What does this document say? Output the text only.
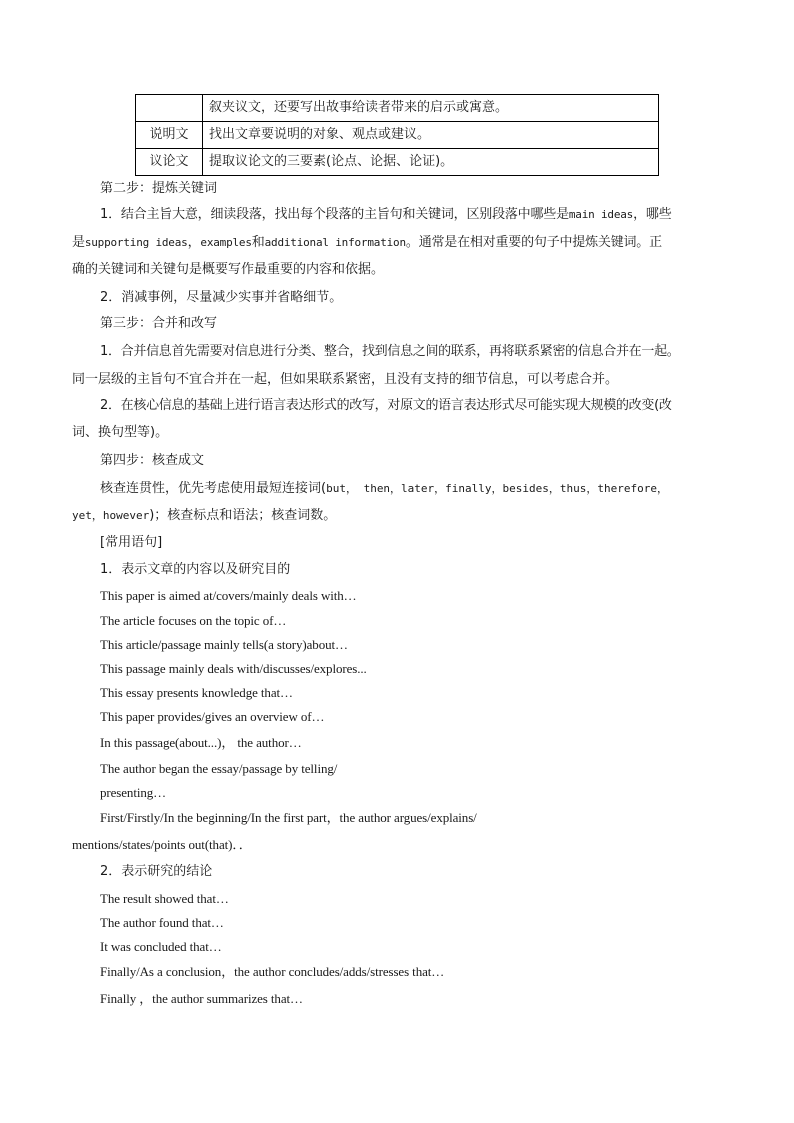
	叙夹议文，还要写出故事给读者带来的启示或寓意。
说明文	找出文章要说明的对象、观点或建议。
议论文	提取议论文的三要素(论点、论据、论证)。
第二步：提炼关键词
1．结合主旨大意，细读段落，找出每个段落的主旨句和关键词，区别段落中哪些是main ideas，哪些
是supporting ideas，examples和additional information。通常是在相对重要的句子中提炼关键词。正
确的关键词和关键句是概要写作最重要的内容和依据。
2．消减事例，尽量减少实事并省略细节。
第三步：合并和改写
1．合并信息首先需要对信息进行分类、整合，找到信息之间的联系，再将联系紧密的信息合并在一起。
同一层级的主旨句不宜合并在一起，但如果联系紧密，且没有支持的细节信息，可以考虑合并。
2．在核心信息的基础上进行语言表达形式的改写，对原文的语言表达形式尽可能实现大规模的改变(改
词、换句型等)。
第四步：核查成文
核查连贯性，优先考虑使用最短连接词(but， then，later，finally，besides，thus，therefore，
yet，however)；核查标点和语法；核查词数。
[常用语句]
1．表示文章的内容以及研究目的
This paper is aimed at/covers/mainly deals with…
The article focuses on the topic of…
This article/passage mainly tells(a story)about…
This passage mainly deals with/discusses/explores...
This essay presents knowledge that…
This paper provides/gives an overview of…
In this passage(about...)， the author…
The author began the essay/passage by telling/
presenting…
First/Firstly/In the beginning/In the first part，the author argues/explains/
mentions/states/points out(that)．．
2．表示研究的结论
The result showed that…
The author found that…
It was concluded that…
Finally/As a conclusion，the author concludes/adds/stresses that…
Finally ，the author summarizes that…
